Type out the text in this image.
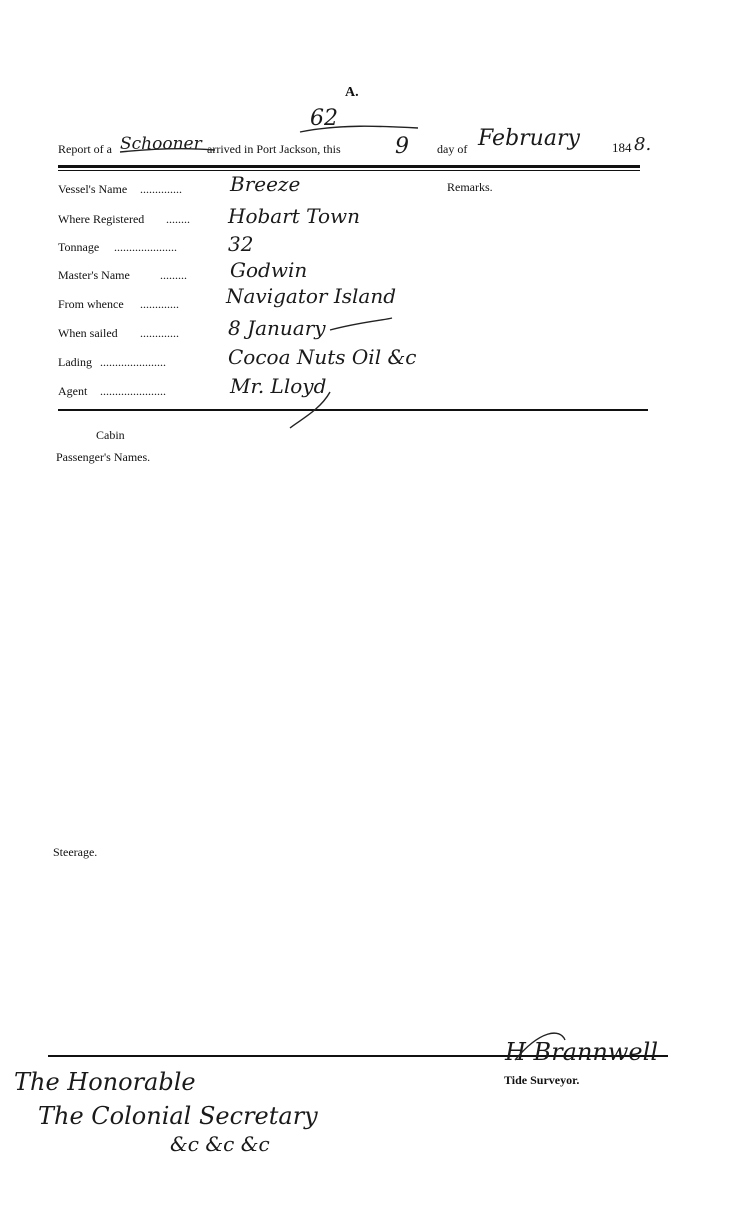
A.
62
Report of a Schooner arrived in Port Jackson, this 9 day of February 184 8.
Vessel's Name .............. Breeze	Remarks.
Where Registered ........ Hobart Town
Tonnage .....................	32
Master's Name	......... Godwin
From whence ............. Navigator Island
When sailed ............. 8 January
Lading ......................	Cocoa Nuts Oil &c
Agent ......................	Mr. Lloyd
Cabin
Passenger's Names.
Steerage.
H Brannwell
Tide Surveyor.
The Honorable
The Colonial Secretary
&c &c &c
